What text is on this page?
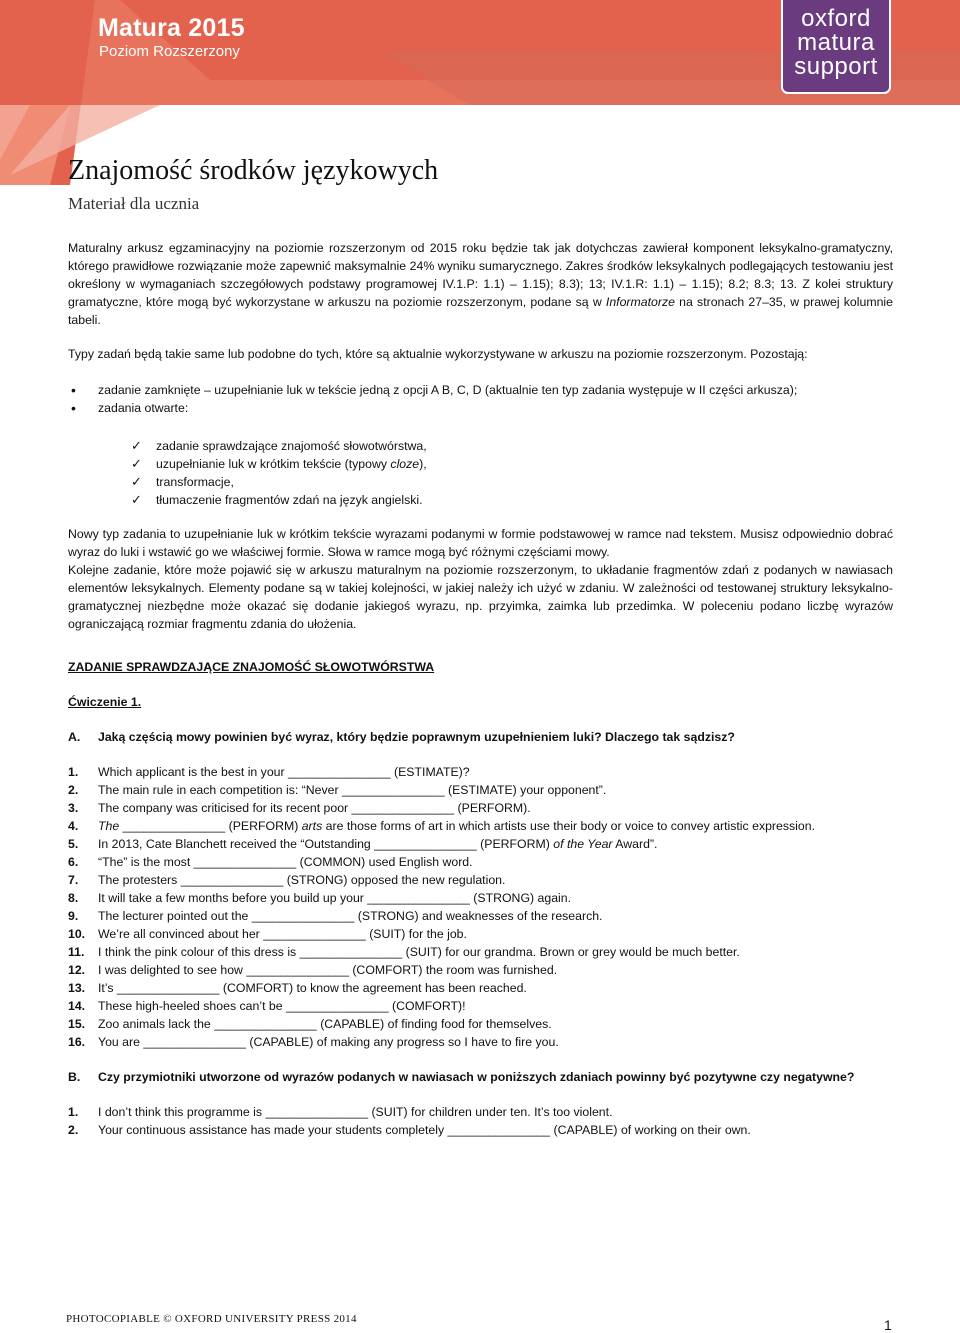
Matura 2015
Poziom Rozszerzony
oxford
matura
support
Znajomość środków językowych
Materiał dla ucznia

Maturalny arkusz egzaminacyjny na poziomie rozszerzonym od 2015 roku będzie tak jak dotychczas zawierał komponent leksykalno-gramatyczny, którego prawidłowe rozwiązanie może zapewnić maksymalnie 24% wyniku sumarycznego. Zakres środków leksykalnych podlegających testowaniu jest określony w wymaganiach szczegółowych podstawy programowej IV.1.P: 1.1) – 1.15); 8.3); 13; IV.1.R: 1.1) – 1.15); 8.2; 8.3; 13. Z kolei struktury gramatyczne, które mogą być wykorzystane w arkuszu na poziomie rozszerzonym, podane są w Informatorze na stronach 27–35, w prawej kolumnie tabeli.

Typy zadań będą takie same lub podobne do tych, które są aktualnie wykorzystywane w arkuszu na poziomie rozszerzonym. Pozostają:

• zadanie zamknięte – uzupełnianie luk w tekście jedną z opcji A B, C, D (aktualnie ten typ zadania występuje w II części arkusza);
• zadania otwarte:
✓ zadanie sprawdzające znajomość słowotwórstwa,
✓ uzupełnianie luk w krótkim tekście (typowy cloze),
✓ transformacje,
✓ tłumaczenie fragmentów zdań na język angielski.

Nowy typ zadania to uzupełnianie luk w krótkim tekście wyrazami podanymi w formie podstawowej w ramce nad tekstem. Musisz odpowiednio dobrać wyraz do luki i wstawić go we właściwej formie. Słowa w ramce mogą być różnymi częściami mowy.

Kolejne zadanie, które może pojawić się w arkuszu maturalnym na poziomie rozszerzonym, to układanie fragmentów zdań z podanych w nawiasach elementów leksykalnych. Elementy podane są w takiej kolejności, w jakiej należy ich użyć w zdaniu. W zależności od testowanej struktury leksykalno-gramatycznej niezbędne może okazać się dodanie jakiegoś wyrazu, np. przyimka, zaimka lub przedimka. W poleceniu podano liczbę wyrazów ograniczającą rozmiar fragmentu zdania do ułożenia.

ZADANIE SPRAWDZAJĄCE ZNAJOMOŚĆ SŁOWOTWÓRSTWA

Ćwiczenie 1.

A.	Jaką częścią mowy powinien być wyraz, który będzie poprawnym uzupełnieniem luki? Dlaczego tak sądzisz?
1.	Which applicant is the best in your _______________ (ESTIMATE)?
2.	The main rule in each competition is: “Never _______________ (ESTIMATE) your opponent”.
3.	The company was criticised for its recent poor _______________ (PERFORM).
4.	The _______________ (PERFORM) arts are those forms of art in which artists use their body or voice to convey artistic expression.
5.	In 2013, Cate Blanchett received the “Outstanding _______________ (PERFORM) of the Year Award”.
6.	“The” is the most _______________ (COMMON) used English word.
7.	The protesters _______________ (STRONG) opposed the new regulation.
8.	It will take a few months before you build up your _______________ (STRONG) again.
9.	The lecturer pointed out the _______________ (STRONG) and weaknesses of the research.
10.	We’re all convinced about her _______________ (SUIT) for the job.
11.	I think the pink colour of this dress is _______________ (SUIT) for our grandma. Brown or grey would be much better.
12.	I was delighted to see how _______________ (COMFORT) the room was furnished.
13.	It’s _______________ (COMFORT) to know the agreement has been reached.
14.	These high-heeled shoes can’t be _______________ (COMFORT)!
15.	Zoo animals lack the _______________ (CAPABLE) of finding food for themselves.
16.	You are _______________ (CAPABLE) of making any progress so I have to fire you.
B.	Czy przymiotniki utworzone od wyrazów podanych w nawiasach w poniższych zdaniach powinny być pozytywne czy negatywne?
1.	I don’t think this programme is _______________ (SUIT) for children under ten. It’s too violent.
2.	Your continuous assistance has made your students completely _______________ (CAPABLE) of working on their own.
PHOTOCOPIABLE © OXFORD UNIVERSITY PRESS 2014	1
